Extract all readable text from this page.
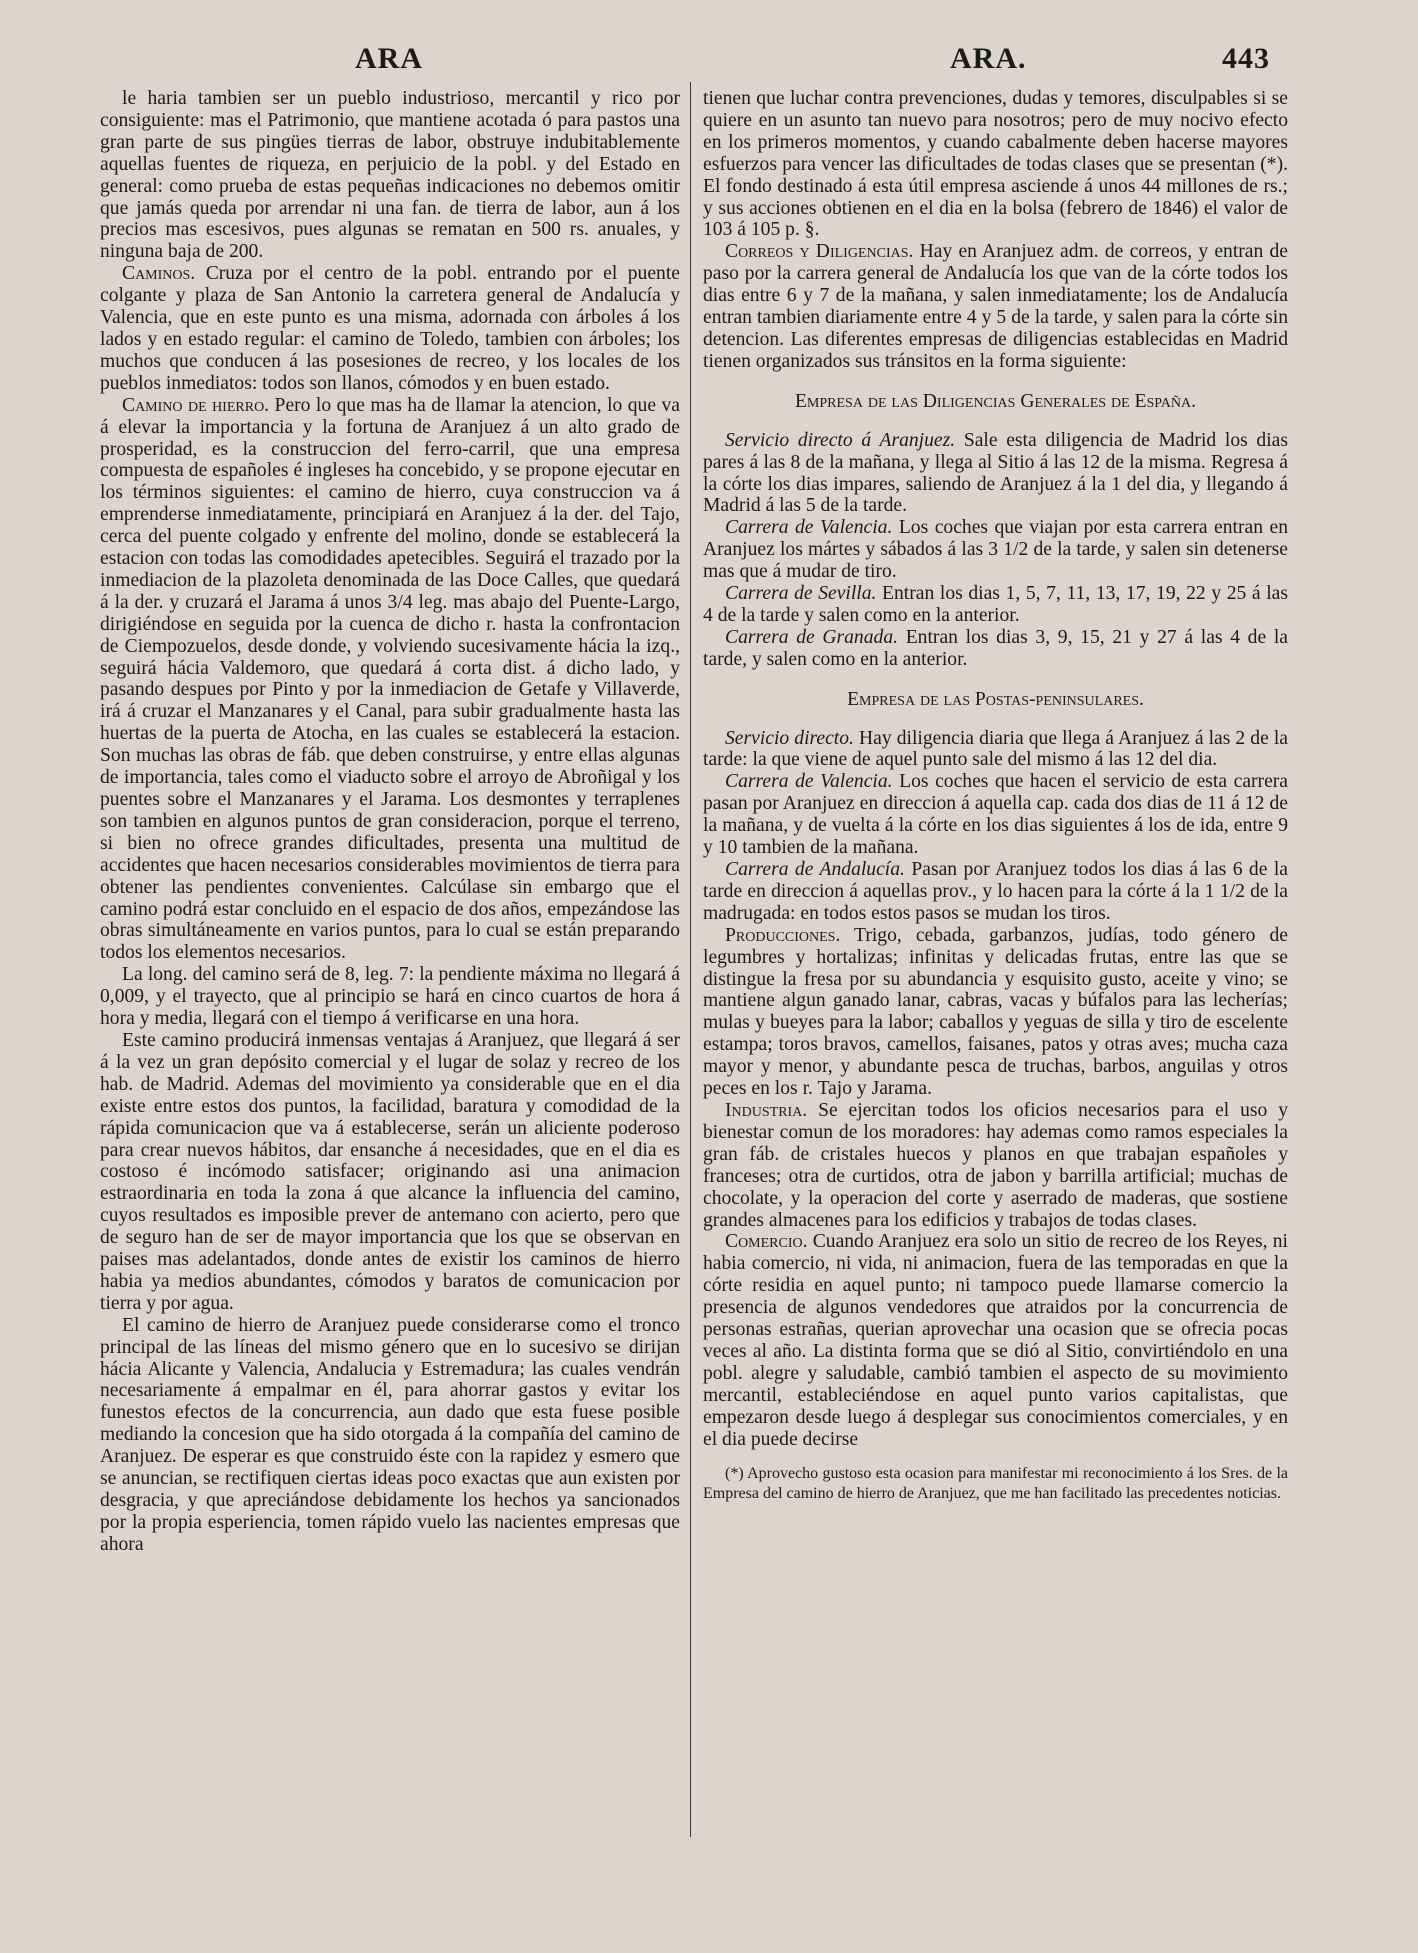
ARA	ARA.	443

le haria tambien ser un pueblo industrioso, mercantil y rico por consiguiente: mas el Patrimonio, que mantiene acotada ó para pastos una gran parte de sus pingües tierras de labor, obstruye indubitablemente aquellas fuentes de riqueza, en perjuicio de la pobl. y del Estado en general: como prueba de estas pequeñas indicaciones no debemos omitir que jamás queda por arrendar ni una fan. de tierra de labor, aun á los precios mas escesivos, pues algunas se rematan en 500 rs. anuales, y ninguna baja de 200.

Caminos. Cruza por el centro de la pobl. entrando por el puente colgante y plaza de San Antonio la carretera general de Andalucía y Valencia, que en este punto es una misma, adornada con árboles á los lados y en estado regular: el camino de Toledo, tambien con árboles; los muchos que conducen á las posesiones de recreo, y los locales de los pueblos inmediatos: todos son llanos, cómodos y en buen estado.

Camino de hierro. Pero lo que mas ha de llamar la atencion, lo que va á elevar la importancia y la fortuna de Aranjuez á un alto grado de prosperidad, es la construccion del ferro-carril, que una empresa compuesta de españoles é ingleses ha concebido, y se propone ejecutar en los términos siguientes: el camino de hierro, cuya construccion va á emprenderse inmediatamente, principiará en Aranjuez á la der. del Tajo, cerca del puente colgado y enfrente del molino, donde se establecerá la estacion con todas las comodidades apetecibles. Seguirá el trazado por la inmediacion de la plazoleta denominada de las Doce Calles, que quedará á la der. y cruzará el Jarama á unos 3/4 leg. mas abajo del Puente-Largo, dirigiéndose en seguida por la cuenca de dicho r. hasta la confrontacion de Ciempozuelos, desde donde, y volviendo sucesivamente hácia la izq., seguirá hácia Valdemoro, que quedará á corta dist. á dicho lado, y pasando despues por Pinto y por la inmediacion de Getafe y Villaverde, irá á cruzar el Manzanares y el Canal, para subir gradualmente hasta las huertas de la puerta de Atocha, en las cuales se establecerá la estacion. Son muchas las obras de fáb. que deben construirse, y entre ellas algunas de importancia, tales como el viaducto sobre el arroyo de Abroñigal y los puentes sobre el Manzanares y el Jarama. Los desmontes y terraplenes son tambien en algunos puntos de gran consideracion, porque el terreno, si bien no ofrece grandes dificultades, presenta una multitud de accidentes que hacen necesarios considerables movimientos de tierra para obtener las pendientes convenientes. Calcúlase sin embargo que el camino podrá estar concluido en el espacio de dos años, empezándose las obras simultáneamente en varios puntos, para lo cual se están preparando todos los elementos necesarios.

La long. del camino será de 8, leg. 7: la pendiente máxima no llegará á 0,009, y el trayecto, que al principio se hará en cinco cuartos de hora á hora y media, llegará con el tiempo á verificarse en una hora.

Este camino producirá inmensas ventajas á Aranjuez, que llegará á ser á la vez un gran depósito comercial y el lugar de solaz y recreo de los hab. de Madrid. Ademas del movimiento ya considerable que en el dia existe entre estos dos puntos, la facilidad, baratura y comodidad de la rápida comunicacion que va á establecerse, serán un aliciente poderoso para crear nuevos hábitos, dar ensanche á necesidades, que en el dia es costoso é incómodo satisfacer; originando asi una animacion estraordinaria en toda la zona á que alcance la influencia del camino, cuyos resultados es imposible prever de antemano con acierto, pero que de seguro han de ser de mayor importancia que los que se observan en paises mas adelantados, donde antes de existir los caminos de hierro habia ya medios abundantes, cómodos y baratos de comunicacion por tierra y por agua.

El camino de hierro de Aranjuez puede considerarse como el tronco principal de las líneas del mismo género que en lo sucesivo se dirijan hácia Alicante y Valencia, Andalucia y Estremadura; las cuales vendrán necesariamente á empalmar en él, para ahorrar gastos y evitar los funestos efectos de la concurrencia, aun dado que esta fuese posible mediando la concesion que ha sido otorgada á la compañía del camino de Aranjuez. De esperar es que construido éste con la rapidez y esmero que se anuncian, se rectifiquen ciertas ideas poco exactas que aun existen por desgracia, y que apreciándose debidamente los hechos ya sancionados por la propia esperiencia, tomen rápido vuelo las nacientes empresas que ahora

tienen que luchar contra prevenciones, dudas y temores, disculpables si se quiere en un asunto tan nuevo para nosotros; pero de muy nocivo efecto en los primeros momentos, y cuando cabalmente deben hacerse mayores esfuerzos para vencer las dificultades de todas clases que se presentan (*). El fondo destinado á esta útil empresa asciende á unos 44 millones de rs.; y sus acciones obtienen en el dia en la bolsa (febrero de 1846) el valor de 103 á 105 p. §.

Correos y Diligencias. Hay en Aranjuez adm. de correos, y entran de paso por la carrera general de Andalucía los que van de la córte todos los dias entre 6 y 7 de la mañana, y salen inmediatamente; los de Andalucía entran tambien diariamente entre 4 y 5 de la tarde, y salen para la córte sin detencion. Las diferentes empresas de diligencias establecidas en Madrid tienen organizados sus tránsitos en la forma siguiente:

Empresa de las Diligencias Generales de España.

Servicio directo á Aranjuez. Sale esta diligencia de Madrid los dias pares á las 8 de la mañana, y llega al Sitio á las 12 de la misma. Regresa á la córte los dias impares, saliendo de Aranjuez á la 1 del dia, y llegando á Madrid á las 5 de la tarde.

Carrera de Valencia. Los coches que viajan por esta carrera entran en Aranjuez los mártes y sábados á las 3 1/2 de la tarde, y salen sin detenerse mas que á mudar de tiro.

Carrera de Sevilla. Entran los dias 1, 5, 7, 11, 13, 17, 19, 22 y 25 á las 4 de la tarde y salen como en la anterior.

Carrera de Granada. Entran los dias 3, 9, 15, 21 y 27 á las 4 de la tarde, y salen como en la anterior.

Empresa de las Postas-peninsulares.

Servicio directo. Hay diligencia diaria que llega á Aranjuez á las 2 de la tarde: la que viene de aquel punto sale del mismo á las 12 del dia.

Carrera de Valencia. Los coches que hacen el servicio de esta carrera pasan por Aranjuez en direccion á aquella cap. cada dos dias de 11 á 12 de la mañana, y de vuelta á la córte en los dias siguientes á los de ida, entre 9 y 10 tambien de la mañana.

Carrera de Andalucía. Pasan por Aranjuez todos los dias á las 6 de la tarde en direccion á aquellas prov., y lo hacen para la córte á la 1 1/2 de la madrugada: en todos estos pasos se mudan los tiros.

Producciones. Trigo, cebada, garbanzos, judías, todo género de legumbres y hortalizas; infinitas y delicadas frutas, entre las que se distingue la fresa por su abundancia y esquisito gusto, aceite y vino; se mantiene algun ganado lanar, cabras, vacas y búfalos para las lecherías; mulas y bueyes para la labor; caballos y yeguas de silla y tiro de escelente estampa; toros bravos, camellos, faisanes, patos y otras aves; mucha caza mayor y menor, y abundante pesca de truchas, barbos, anguilas y otros peces en los r. Tajo y Jarama.

Industria. Se ejercitan todos los oficios necesarios para el uso y bienestar comun de los moradores: hay ademas como ramos especiales la gran fáb. de cristales huecos y planos en que trabajan españoles y franceses; otra de curtidos, otra de jabon y barrilla artificial; muchas de chocolate, y la operacion del corte y aserrado de maderas, que sostiene grandes almacenes para los edificios y trabajos de todas clases.

Comercio. Cuando Aranjuez era solo un sitio de recreo de los Reyes, ni habia comercio, ni vida, ni animacion, fuera de las temporadas en que la córte residia en aquel punto; ni tampoco puede llamarse comercio la presencia de algunos vendedores que atraidos por la concurrencia de personas estrañas, querian aprovechar una ocasion que se ofrecia pocas veces al año. La distinta forma que se dió al Sitio, convirtiéndolo en una pobl. alegre y saludable, cambió tambien el aspecto de su movimiento mercantil, estableciéndose en aquel punto varios capitalistas, que empezaron desde luego á desplegar sus conocimientos comerciales, y en el dia puede decirse

(*) Aprovecho gustoso esta ocasion para manifestar mi reconocimiento á los Sres. de la Empresa del camino de hierro de Aranjuez, que me han facilitado las precedentes noticias.
